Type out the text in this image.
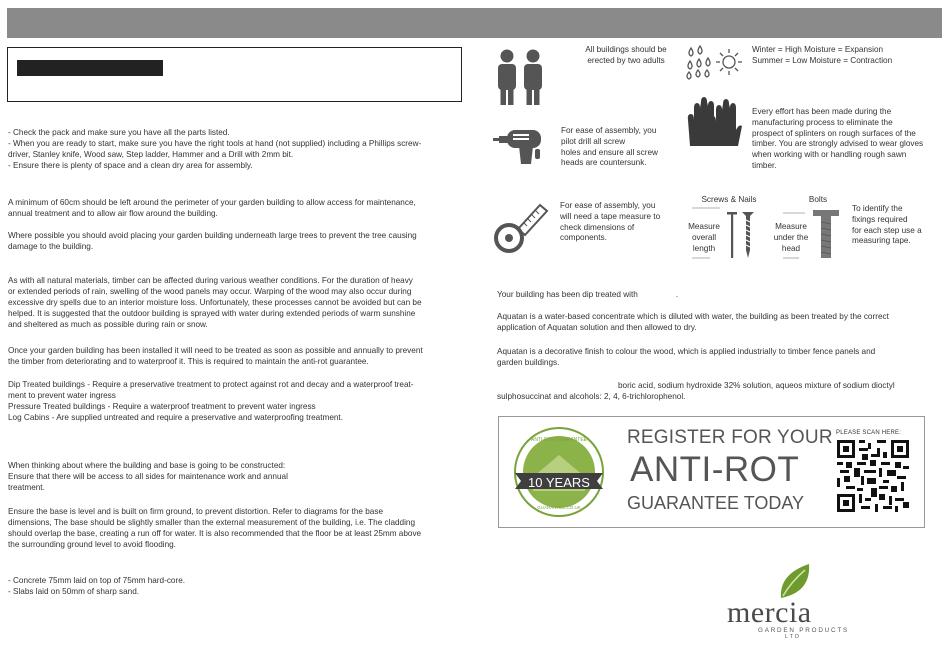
- Check the pack and make sure you have all the parts listed.
- When you are ready to start, make sure you have the right tools at hand (not supplied) including a Phillips screw-
driver, Stanley knife, Wood saw, Step ladder, Hammer and a Drill with 2mm bit.
- Ensure there is plenty of space and a clean dry area for assembly.
A minimum of 60cm should be left around the perimeter of your garden building to allow access for maintenance,
annual treatment and to allow air flow around the building.
Where possible you should avoid placing your garden building underneath large trees to prevent the tree causing
damage to the building.
As with all natural materials, timber can be affected during various weather conditions. For the duration of heavy
or extended periods of rain, swelling of the wood panels may occur. Warping of the wood may also occur during
excessive dry spells due to an interior moisture loss. Unfortunately, these processes cannot be avoided but can be
helped. It is suggested that the outdoor building is sprayed with water during extended periods of warm sunshine
and sheltered as much as possible during rain or snow.
Once your garden building has been installed it will need to be treated as soon as possible and annually to prevent
the timber from deteriorating and to waterproof it. This is required to maintain the anti-rot guarantee.
Dip Treated buildings - Require a preservative treatment to protect against rot and decay and a waterproof treat-
ment to prevent water ingress
Pressure Treated buildings - Require a waterproof treatment to prevent water ingress
Log Cabins - Are supplied untreated and require a preservative and waterproofing treatment.
When thinking about where the building and base is going to be constructed:
Ensure that there will be access to all sides for maintenance work and annual
treatment.
Ensure the base is level and is built on firm ground, to prevent distortion. Refer to diagrams for the base
dimensions, The base should be slightly smaller than the external measurement of the building, i.e. The cladding
should overlap the base, creating a run off for water. It is also recommended that the floor be at least 25mm above
the surrounding ground level to avoid flooding.
- Concrete 75mm laid on top of 75mm hard-core.
- Slabs laid on 50mm of sharp sand.
All buildings should be
erected by two adults
Winter = High Moisture = Expansion
Summer = Low Moisture = Contraction
Every effort has been made during the
manufacturing process to eliminate the
prospect of splinters on rough surfaces of the
timber. You are strongly advised to wear gloves
when working with or handling rough sawn
timber.
For ease of assembly, you
pilot drill all screw
holes and ensure all screw
heads are countersunk.
For ease of assembly, you
will need a tape measure to
check dimensions of
components.
Screws & Nails
Measure
overall
length
Bolts
Measure
under the
head
To identify the
fixings required
for each step use a
measuring tape.
Your building has been dip treated with	.
Aquatan is a water-based concentrate which is diluted with water, the building as been treated by the correct
application of Aquatan solution and then allowed to dry.
Aquatan is a decorative finish to colour the wood, which is applied industrially to timber fence panels and
garden buildings.
boric acid, sodium hydroxide 32% solution, aqueos mixture of sodium dioctyl
sulphosuccinat and alcohols: 2, 4, 6-trichlorophenol.
10 YEARS
ANTI-ROT GUARANTEE
GUARANTEE.CO.UK
REGISTER FOR YOUR
ANTI-ROT
GUARANTEE TODAY
PLEASE SCAN HERE:
mercia
GARDEN PRODUCTS
LTD
